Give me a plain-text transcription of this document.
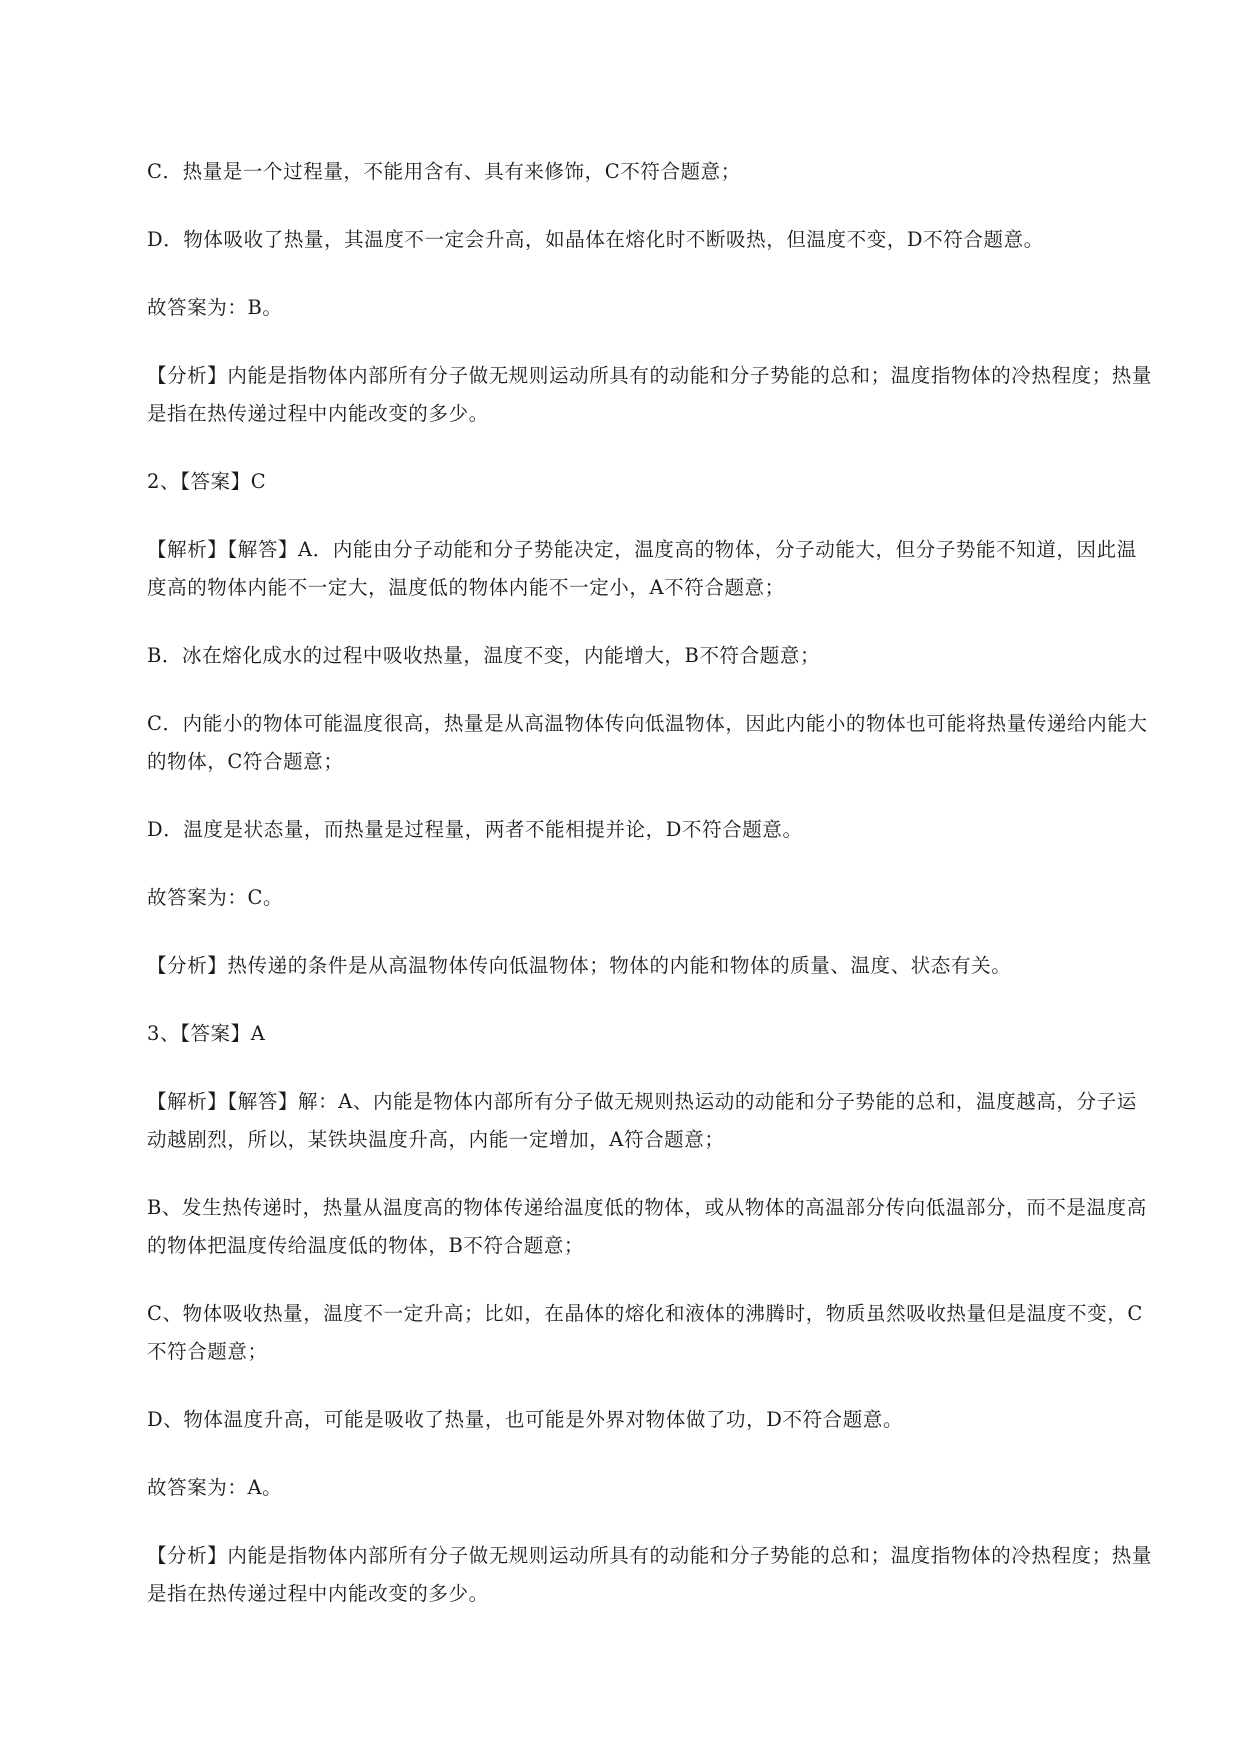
C．热量是一个过程量，不能用含有、具有来修饰，C不符合题意；

D．物体吸收了热量，其温度不一定会升高，如晶体在熔化时不断吸热，但温度不变，D不符合题意。

故答案为：B。

【分析】内能是指物体内部所有分子做无规则运动所具有的动能和分子势能的总和；温度指物体的冷热程度；热量是指在热传递过程中内能改变的多少。

2、【答案】C

【解析】【解答】A．内能由分子动能和分子势能决定，温度高的物体，分子动能大，但分子势能不知道，因此温度高的物体内能不一定大，温度低的物体内能不一定小，A不符合题意；

B．冰在熔化成水的过程中吸收热量，温度不变，内能增大，B不符合题意；

C．内能小的物体可能温度很高，热量是从高温物体传向低温物体，因此内能小的物体也可能将热量传递给内能大的物体，C符合题意；

D．温度是状态量，而热量是过程量，两者不能相提并论，D不符合题意。

故答案为：C。

【分析】热传递的条件是从高温物体传向低温物体；物体的内能和物体的质量、温度、状态有关。

3、【答案】A

【解析】【解答】解：A、内能是物体内部所有分子做无规则热运动的动能和分子势能的总和，温度越高，分子运动越剧烈，所以，某铁块温度升高，内能一定增加，A符合题意；

B、发生热传递时，热量从温度高的物体传递给温度低的物体，或从物体的高温部分传向低温部分，而不是温度高的物体把温度传给温度低的物体，B不符合题意；

C、物体吸收热量，温度不一定升高；比如，在晶体的熔化和液体的沸腾时，物质虽然吸收热量但是温度不变，C不符合题意；

D、物体温度升高，可能是吸收了热量，也可能是外界对物体做了功，D不符合题意。

故答案为：A。

【分析】内能是指物体内部所有分子做无规则运动所具有的动能和分子势能的总和；温度指物体的冷热程度；热量是指在热传递过程中内能改变的多少。
